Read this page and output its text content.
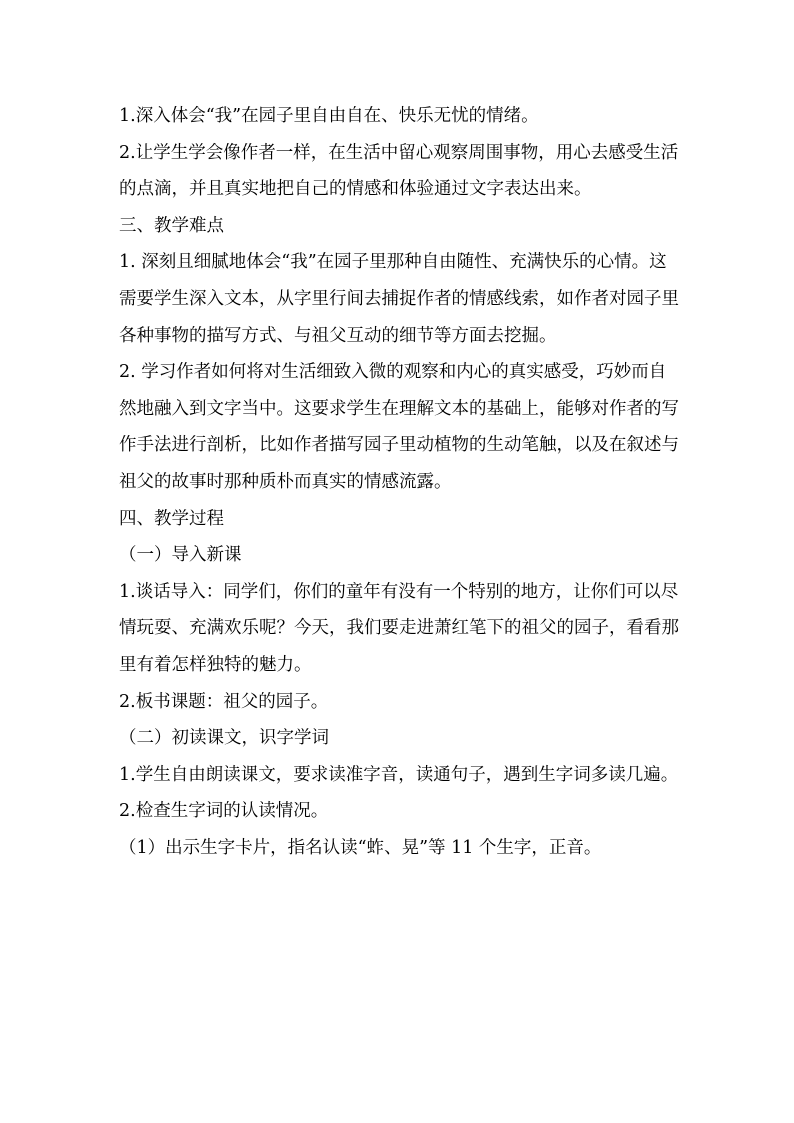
1.深入体会“我”在园子里自由自在、快乐无忧的情绪。

2.让学生学会像作者一样，在生活中留心观察周围事物，用心去感受生活的点滴，并且真实地把自己的情感和体验通过文字表达出来。

三、教学难点

1. 深刻且细腻地体会“我”在园子里那种自由随性、充满快乐的心情。这需要学生深入文本，从字里行间去捕捉作者的情感线索，如作者对园子里各种事物的描写方式、与祖父互动的细节等方面去挖掘。

2. 学习作者如何将对生活细致入微的观察和内心的真实感受，巧妙而自然地融入到文字当中。这要求学生在理解文本的基础上，能够对作者的写作手法进行剖析，比如作者描写园子里动植物的生动笔触，以及在叙述与祖父的故事时那种质朴而真实的情感流露。

四、教学过程

（一）导入新课

1.谈话导入：同学们，你们的童年有没有一个特别的地方，让你们可以尽情玩耍、充满欢乐呢？今天，我们要走进萧红笔下的祖父的园子，看看那里有着怎样独特的魅力。

2.板书课题：祖父的园子。

（二）初读课文，识字学词

1.学生自由朗读课文，要求读准字音，读通句子，遇到生字词多读几遍。

2.检查生字词的认读情况。

（1）出示生字卡片，指名认读“蚱、晃”等 11 个生字，正音。
